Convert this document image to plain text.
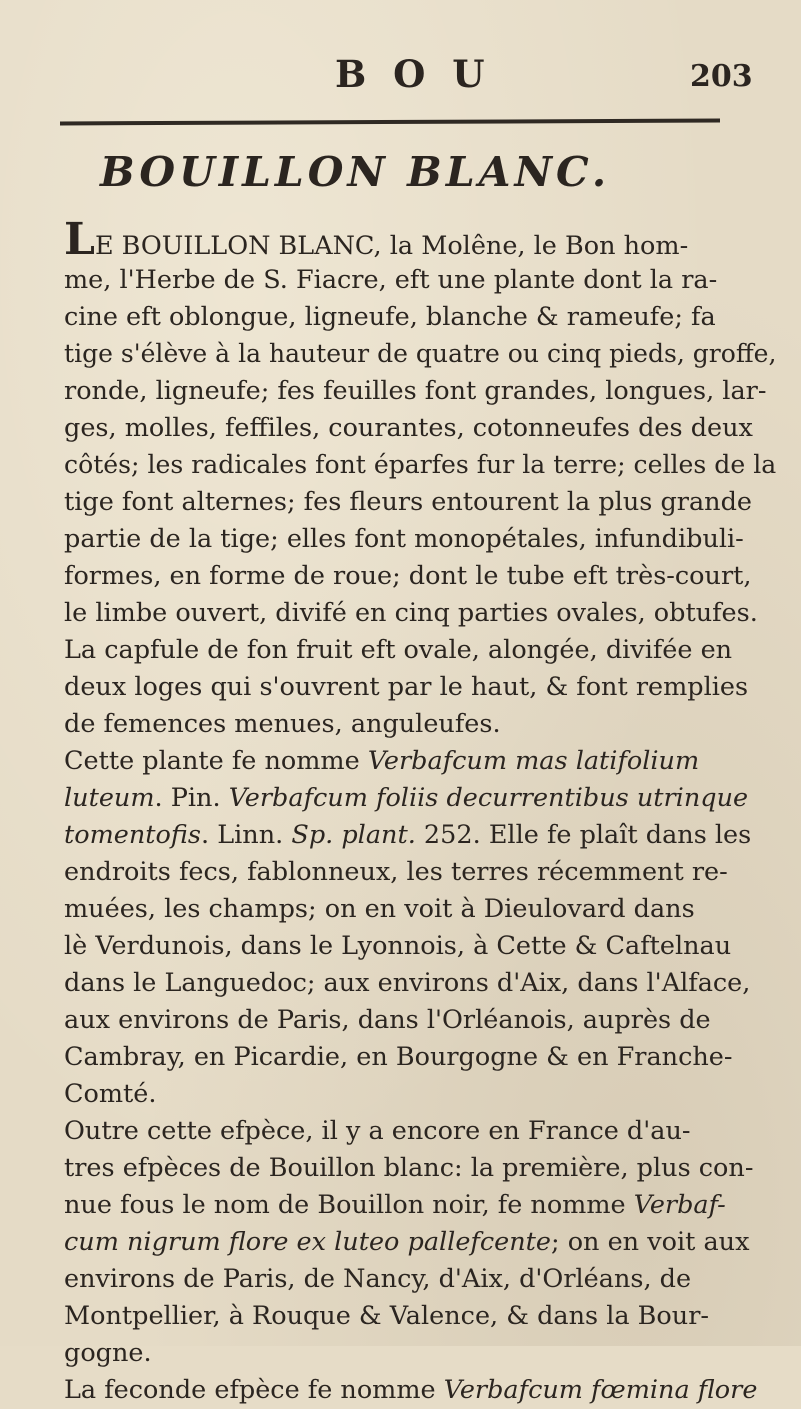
B O U	203
BOUILLON BLANC.
LE BOUILLON BLANC, la Molêne, le Bon hom-
me, l'Herbe de S. Fiacre, eft une plante dont la ra-
cine eft oblongue, ligneufe, blanche & rameufe; fa
tige s'élève à la hauteur de quatre ou cinq pieds, groffe,
ronde, ligneufe; fes feuilles font grandes, longues, lar-
ges, molles, feffiles, courantes, cotonneufes des deux
côtés; les radicales font éparfes fur la terre; celles de la
tige font alternes; fes fleurs entourent la plus grande
partie de la tige; elles font monopétales, infundibuli-
formes, en forme de roue; dont le tube eft très-court,
le limbe ouvert, divifé en cinq parties ovales, obtufes.
La capfule de fon fruit eft ovale, alongée, divifée en
deux loges qui s'ouvrent par le haut, & font remplies
de femences menues, anguleufes.
Cette plante fe nomme Verbafcum mas latifolium
luteum. Pin. Verbafcum foliis decurrentibus utrinque
tomentofis. Linn. Sp. plant. 252. Elle fe plaît dans les
endroits fecs, fablonneux, les terres récemment re-
muées, les champs; on en voit à Dieulovard dans
lè Verdunois, dans le Lyonnois, à Cette & Caftelnau
dans le Languedoc; aux environs d'Aix, dans l'Alface,
aux environs de Paris, dans l'Orléanois, auprès de
Cambray, en Picardie, en Bourgogne & en Franche-
Comté.
Outre cette efpèce, il y a encore en France d'au-
tres efpèces de Bouillon blanc: la première, plus con-
nue fous le nom de Bouillon noir, fe nomme Verbaf-
cum nigrum flore ex luteo pallefcente; on en voit aux
environs de Paris, de Nancy, d'Aix, d'Orléans, de
Montpellier, à Rouque & Valence, & dans la Bour-
gogne.
La feconde efpèce fe nomme Verbafcum fœmina flore
